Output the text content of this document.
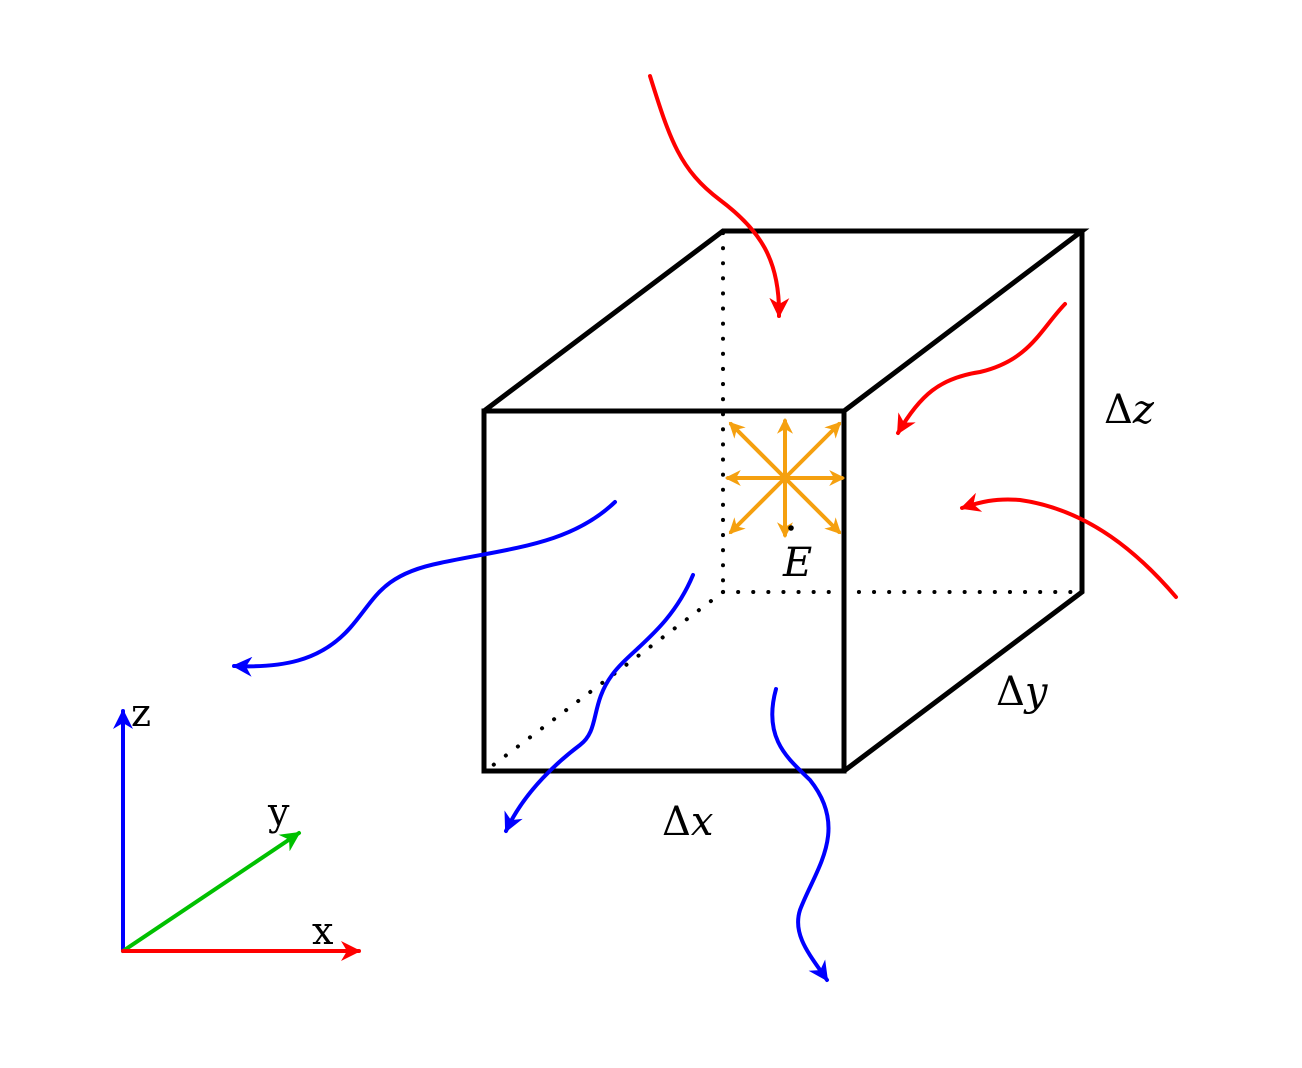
E
Δx
Δy
Δz
z
y
x
